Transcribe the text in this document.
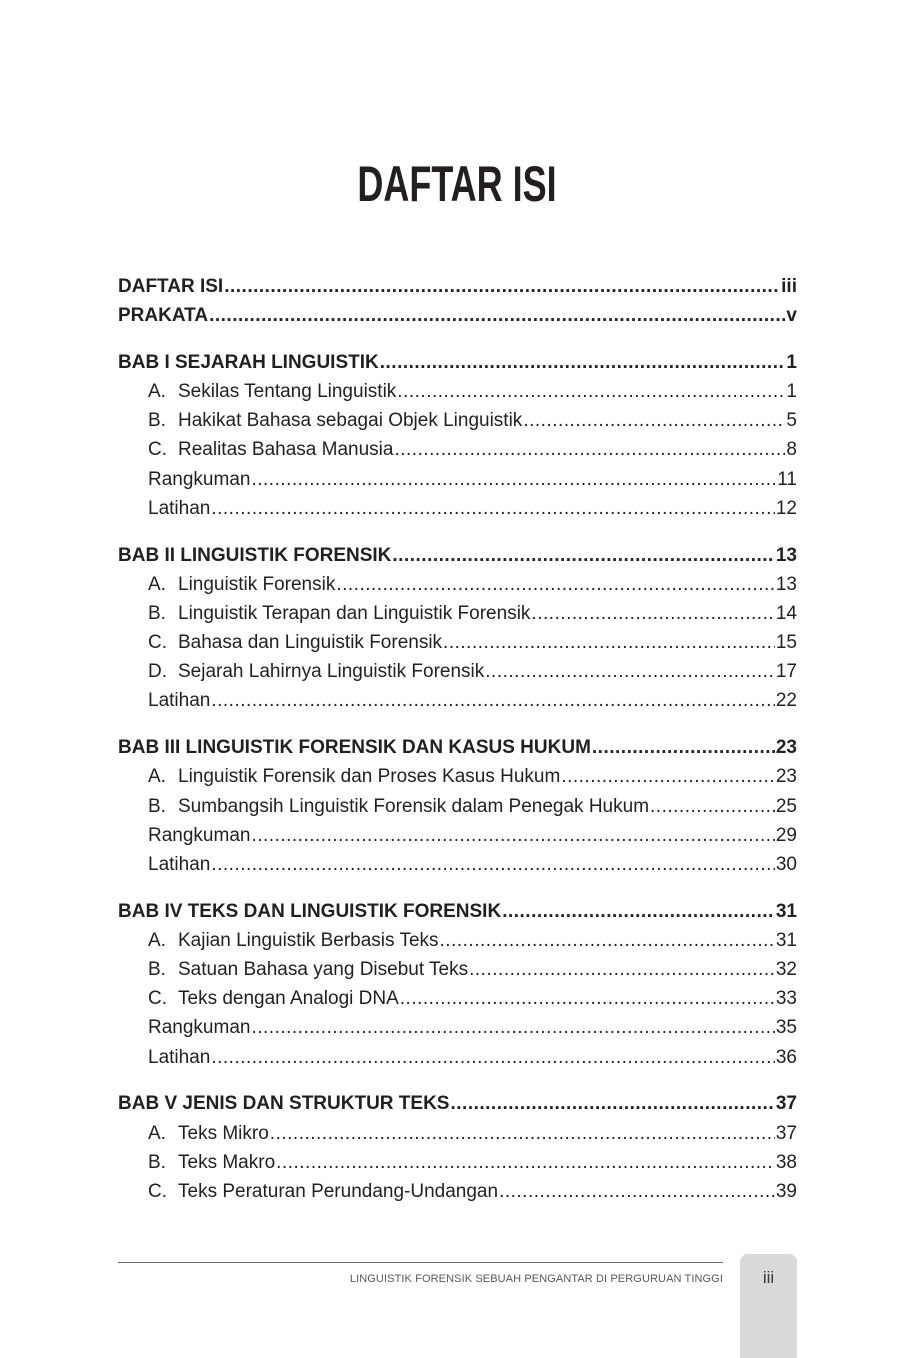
DAFTAR ISI
DAFTAR ISI .....	iii
PRAKATA .....	v
BAB I SEJARAH LINGUISTIK .....	1
A. Sekilas Tentang Linguistik .....	1
B. Hakikat Bahasa sebagai Objek Linguistik .....	5
C. Realitas Bahasa Manusia .....	8
Rangkuman .....	11
Latihan .....	12
BAB II LINGUISTIK FORENSIK .....	13
A. Linguistik Forensik .....	13
B. Linguistik Terapan dan Linguistik Forensik .....	14
C. Bahasa dan Linguistik Forensik .....	15
D. Sejarah Lahirnya Linguistik Forensik .....	17
Latihan .....	22
BAB III LINGUISTIK FORENSIK DAN KASUS HUKUM .....	23
A. Linguistik Forensik dan Proses Kasus Hukum .....	23
B. Sumbangsih Linguistik Forensik dalam Penegak Hukum .....	25
Rangkuman .....	29
Latihan .....	30
BAB IV TEKS DAN LINGUISTIK FORENSIK .....	31
A. Kajian Linguistik Berbasis Teks .....	31
B. Satuan Bahasa yang Disebut Teks .....	32
C. Teks dengan Analogi DNA .....	33
Rangkuman .....	35
Latihan .....	36
BAB V JENIS DAN STRUKTUR TEKS .....	37
A. Teks Mikro .....	37
B. Teks Makro .....	38
C. Teks Peraturan Perundang-Undangan .....	39
LINGUISTIK FORENSIK SEBUAH PENGANTAR DI PERGURUAN TINGGI	iii
